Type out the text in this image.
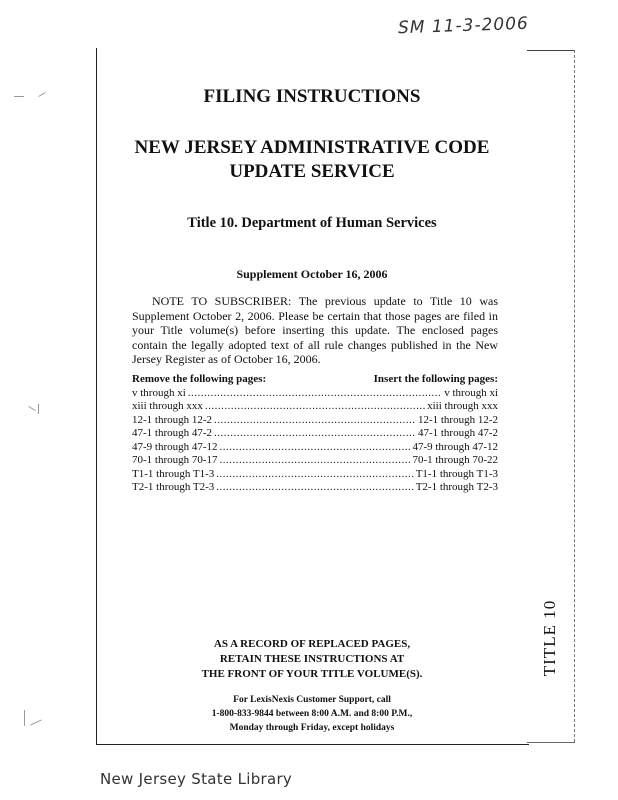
SM 11-3-2006
TITLE 10
FILING INSTRUCTIONS
NEW JERSEY ADMINISTRATIVE CODE
UPDATE SERVICE
Title 10. Department of Human Services
Supplement October 16, 2006
NOTE TO SUBSCRIBER: The previous update to Title 10 was Supplement October 2, 2006. Please be certain that those pages are filed in your Title volume(s) before inserting this update. The enclosed pages contain the legally adopted text of all rule changes published in the New Jersey Register as of October 16, 2006.
Remove the following pages:	Insert the following pages:
v through xi .....	v through xi
xiii through xxx .....	xiii through xxx
12-1 through 12-2 .....	12-1 through 12-2
47-1 through 47-2 .....	47-1 through 47-2
47-9 through 47-12 .....	47-9 through 47-12
70-1 through 70-17 .....	70-1 through 70-22
T1-1 through T1-3 .....	T1-1 through T1-3
T2-1 through T2-3 .....	T2-1 through T2-3
AS A RECORD OF REPLACED PAGES,
RETAIN THESE INSTRUCTIONS AT
THE FRONT OF YOUR TITLE VOLUME(S).
For LexisNexis Customer Support, call
1-800-833-9844 between 8:00 A.M. and 8:00 P.M.,
Monday through Friday, except holidays
New Jersey State Library
